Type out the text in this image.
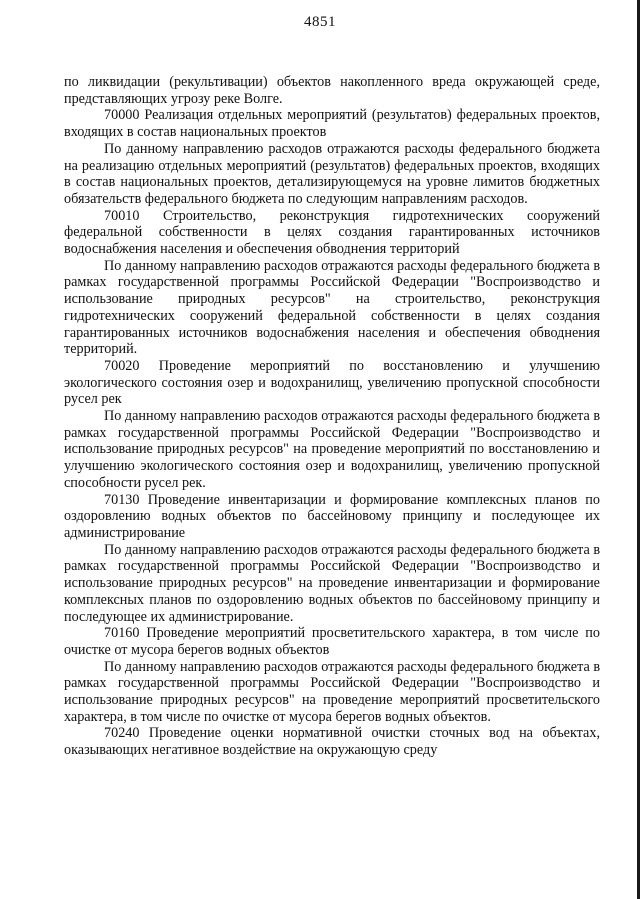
4851

по ликвидации (рекультивации) объектов накопленного вреда окружающей среде, представляющих угрозу реке Волге.

70000 Реализация отдельных мероприятий (результатов) федеральных проектов, входящих в состав национальных проектов

По данному направлению расходов отражаются расходы федерального бюджета на реализацию отдельных мероприятий (результатов) федеральных проектов, входящих в состав национальных проектов, детализирующемуся на уровне лимитов бюджетных обязательств федерального бюджета по следующим направлениям расходов.

70010 Строительство, реконструкция гидротехнических сооружений федеральной собственности в целях создания гарантированных источников водоснабжения населения и обеспечения обводнения территорий

По данному направлению расходов отражаются расходы федерального бюджета в рамках государственной программы Российской Федерации "Воспроизводство и использование природных ресурсов" на строительство, реконструкция гидротехнических сооружений федеральной собственности в целях создания гарантированных источников водоснабжения населения и обеспечения обводнения территорий.

70020 Проведение мероприятий по восстановлению и улучшению экологического состояния озер и водохранилищ, увеличению пропускной способности русел рек

По данному направлению расходов отражаются расходы федерального бюджета в рамках государственной программы Российской Федерации "Воспроизводство и использование природных ресурсов" на проведение мероприятий по восстановлению и улучшению экологического состояния озер и водохранилищ, увеличению пропускной способности русел рек.

70130 Проведение инвентаризации и формирование комплексных планов по оздоровлению водных объектов по бассейновому принципу и последующее их администрирование

По данному направлению расходов отражаются расходы федерального бюджета в рамках государственной программы Российской Федерации "Воспроизводство и использование природных ресурсов" на проведение инвентаризации и формирование комплексных планов по оздоровлению водных объектов по бассейновому принципу и последующее их администрирование.

70160 Проведение мероприятий просветительского характера, в том числе по очистке от мусора берегов водных объектов

По данному направлению расходов отражаются расходы федерального бюджета в рамках государственной программы Российской Федерации "Воспроизводство и использование природных ресурсов" на проведение мероприятий просветительского характера, в том числе по очистке от мусора берегов водных объектов.

70240 Проведение оценки нормативной очистки сточных вод на объектах, оказывающих негативное воздействие на окружающую среду
